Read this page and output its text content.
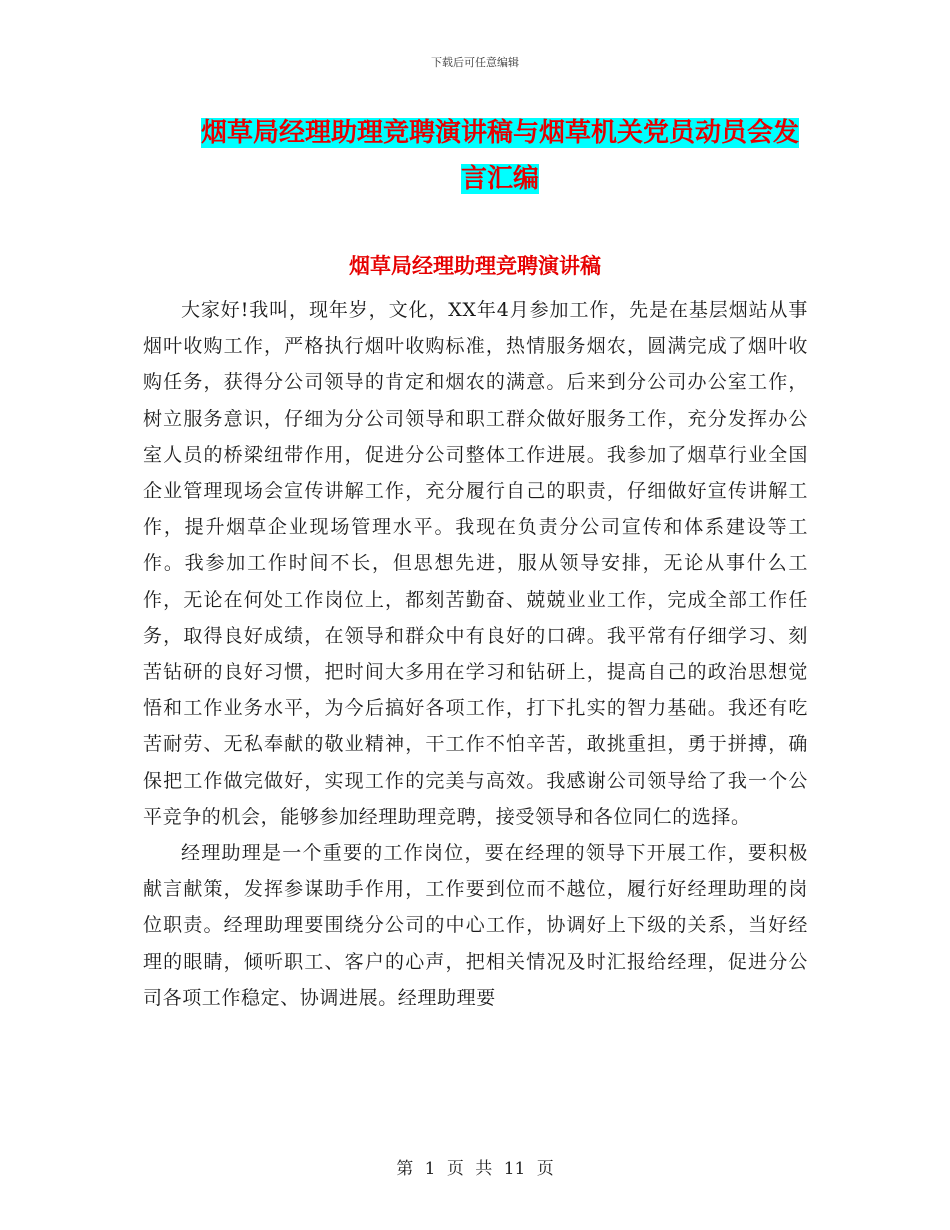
下载后可任意编辑
烟草局经理助理竞聘演讲稿与烟草机关党员动员会发言汇编
烟草局经理助理竞聘演讲稿

大家好!我叫，现年岁，文化，XX年4月参加工作，先是在基层烟站从事烟叶收购工作，严格执行烟叶收购标准，热情服务烟农，圆满完成了烟叶收购任务，获得分公司领导的肯定和烟农的满意。后来到分公司办公室工作，树立服务意识，仔细为分公司领导和职工群众做好服务工作，充分发挥办公室人员的桥梁纽带作用，促进分公司整体工作进展。我参加了烟草行业全国企业管理现场会宣传讲解工作，充分履行自己的职责，仔细做好宣传讲解工作，提升烟草企业现场管理水平。我现在负责分公司宣传和体系建设等工作。我参加工作时间不长，但思想先进，服从领导安排，无论从事什么工作，无论在何处工作岗位上，都刻苦勤奋、兢兢业业工作，完成全部工作任务，取得良好成绩，在领导和群众中有良好的口碑。我平常有仔细学习、刻苦钻研的良好习惯，把时间大多用在学习和钻研上，提高自己的政治思想觉悟和工作业务水平，为今后搞好各项工作，打下扎实的智力基础。我还有吃苦耐劳、无私奉献的敬业精神，干工作不怕辛苦，敢挑重担，勇于拼搏，确保把工作做完做好，实现工作的完美与高效。我感谢公司领导给了我一个公平竞争的机会，能够参加经理助理竞聘，接受领导和各位同仁的选择。

经理助理是一个重要的工作岗位，要在经理的领导下开展工作，要积极献言献策，发挥参谋助手作用，工作要到位而不越位，履行好经理助理的岗位职责。经理助理要围绕分公司的中心工作，协调好上下级的关系，当好经理的眼睛，倾听职工、客户的心声，把相关情况及时汇报给经理，促进分公司各项工作稳定、协调进展。经理助理要

第 1 页 共 11 页
